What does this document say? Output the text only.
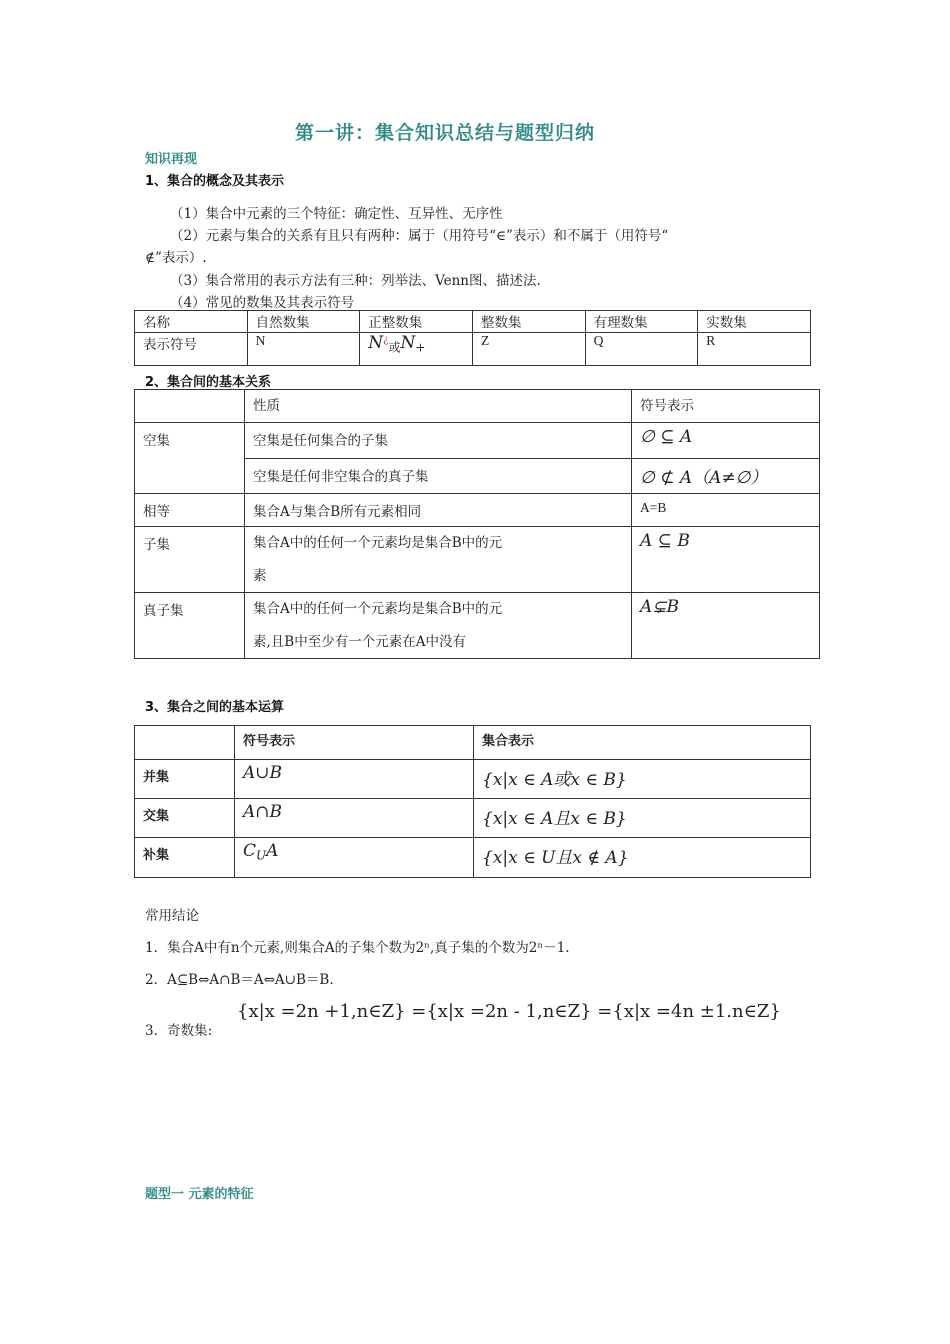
第一讲：集合知识总结与题型归纳
知识再现
1、集合的概念及其表示
（1）集合中元素的三个特征：确定性、互异性、无序性
（2）元素与集合的关系有且只有两种：属于（用符号“∈”表示）和不属于（用符号“
∉”表示）.
（3）集合常用的表示方法有三种：列举法、Venn图、描述法.
（4）常见的数集及其表示符号
名称	自然数集	正整数集	整数集	有理数集	实数集
表示符号	N	$N^¿_或N_+$	Z	Q	R
2、集合间的基本关系
	性质	符号表示
空集	空集是任何集合的子集	∅ ⊆ A
	空集是任何非空集合的真子集	∅ ⊄ A（A≠∅）
相等	集合A与集合B所有元素相同	A=B
子集	集合A中的任何一个元素均是集合B中的元
素	A ⊆ B
真子集	集合A中的任何一个元素均是集合B中的元
素,且B中至少有一个元素在A中没有	A⊊B
3、集合之间的基本运算
	符号表示	集合表示
并集	A∪B	{x|x ∈ A或x ∈ B}
交集	A∩B	{x|x ∈ A且x ∈ B}
补集	$C_UA$	{x|x ∈ U且x ∉ A}
常用结论
1．集合A中有n个元素,则集合A的子集个数为2ⁿ,真子集的个数为2ⁿ－1.
2．A⊆B⇔A∩B＝A⇔A∪B＝B.
3．奇数集:
{x|x =2n +1,n∈Z} ={x|x =2n - 1,n∈Z} ={x|x =4n ±1.n∈Z}
题型一 元素的特征
